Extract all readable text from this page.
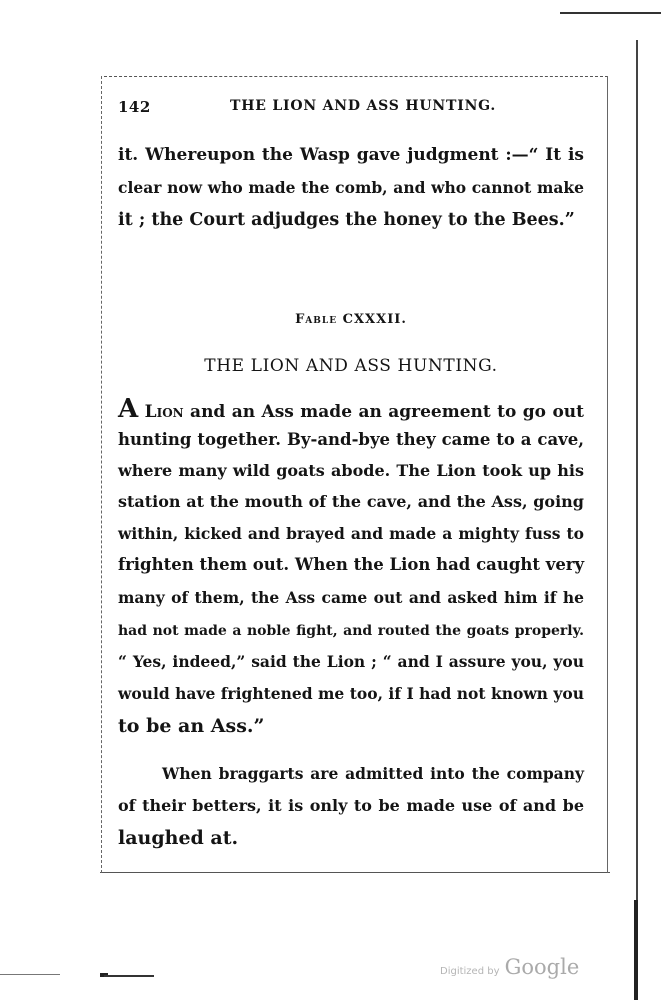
142	THE LION AND ASS HUNTING.
it. Whereupon the Wasp gave judgment :—“ It is
clear now who made the comb, and who cannot make
it ; the Court adjudges the honey to the Bees.”
Fable CXXXII.
THE LION AND ASS HUNTING.
A Lion and an Ass made an agreement to go out
hunting together. By-and-bye they came to a cave,
where many wild goats abode. The Lion took up his
station at the mouth of the cave, and the Ass, going
within, kicked and brayed and made a mighty fuss to
frighten them out. When the Lion had caught very
many of them, the Ass came out and asked him if he
had not made a noble fight, and routed the goats properly.
“ Yes, indeed,” said the Lion ; “ and I assure you, you
would have frightened me too, if I had not known you
to be an Ass.”
When braggarts are admitted into the company
of their betters, it is only to be made use of and be
laughed at.
Digitized by Google
